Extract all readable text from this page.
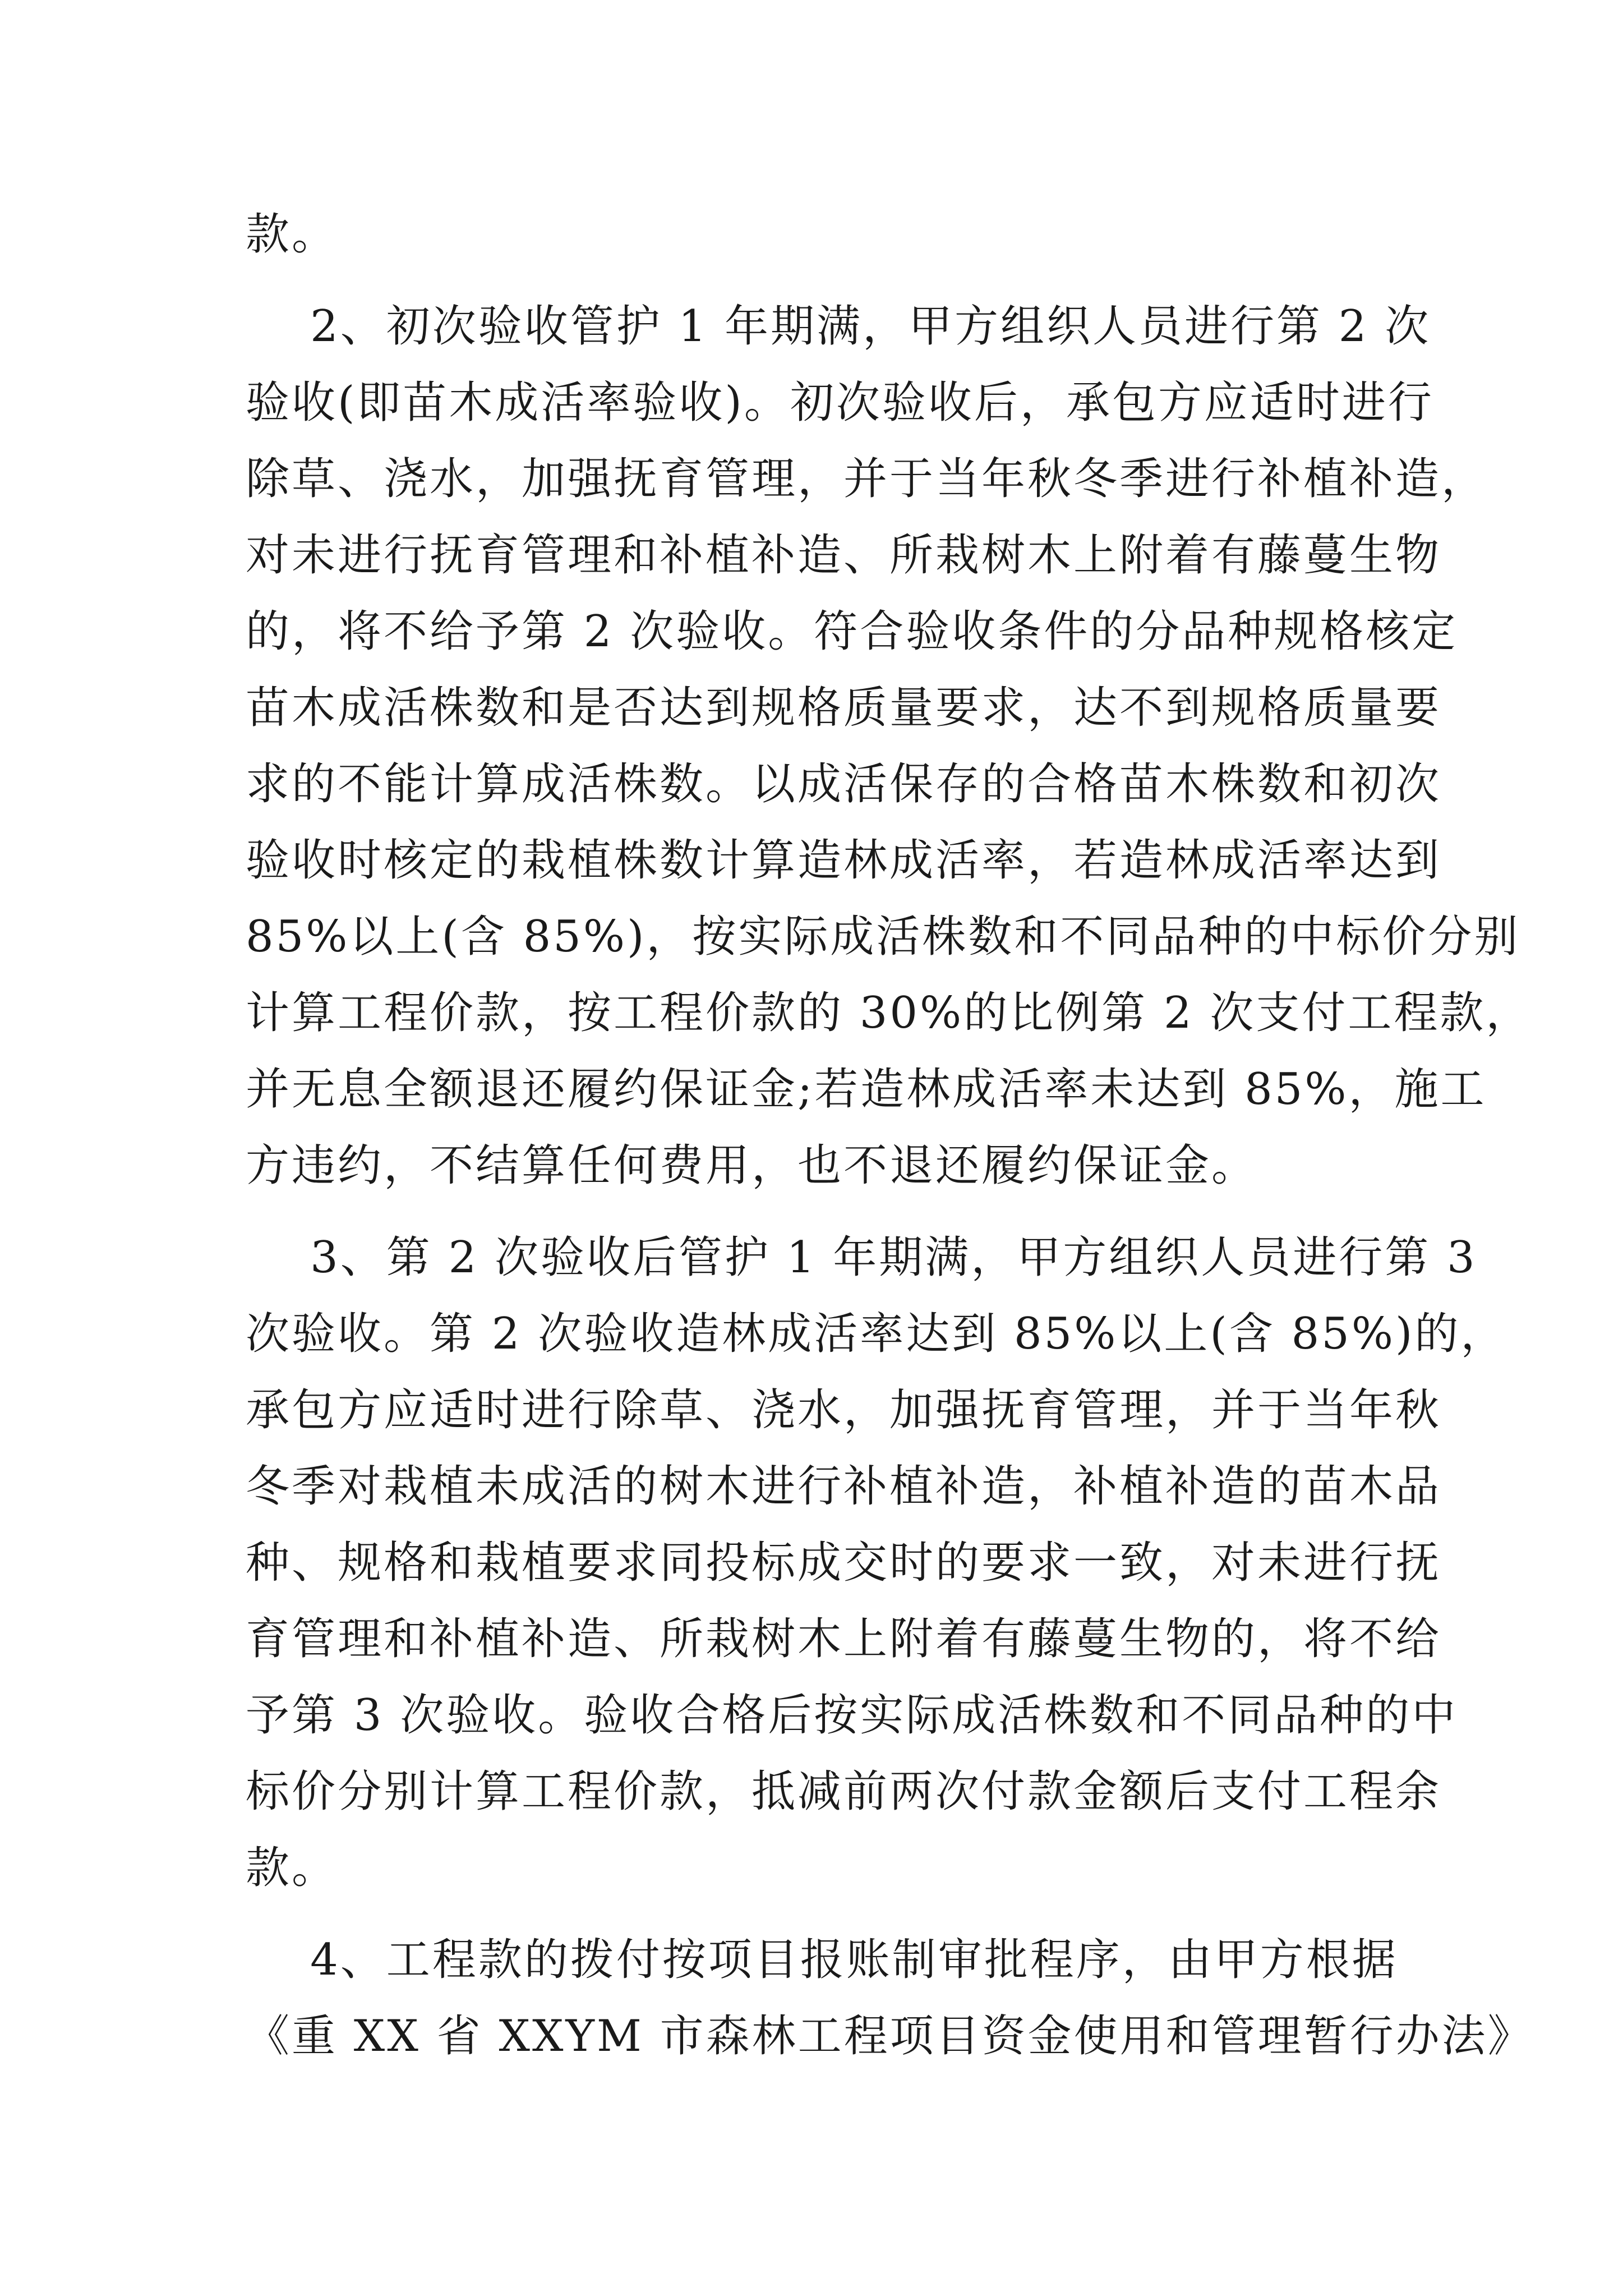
款。

2、初次验收管护 1 年期满，甲方组织人员进行第 2 次
验收(即苗木成活率验收)。初次验收后，承包方应适时进行
除草、浇水，加强抚育管理，并于当年秋冬季进行补植补造，
对未进行抚育管理和补植补造、所栽树木上附着有藤蔓生物
的，将不给予第 2 次验收。符合验收条件的分品种规格核定
苗木成活株数和是否达到规格质量要求，达不到规格质量要
求的不能计算成活株数。以成活保存的合格苗木株数和初次
验收时核定的栽植株数计算造林成活率，若造林成活率达到
85%以上(含 85%)，按实际成活株数和不同品种的中标价分别
计算工程价款，按工程价款的 30%的比例第 2 次支付工程款，
并无息全额退还履约保证金;若造林成活率未达到 85%，施工
方违约，不结算任何费用，也不退还履约保证金。

3、第 2 次验收后管护 1 年期满，甲方组织人员进行第 3
次验收。第 2 次验收造林成活率达到 85%以上(含 85%)的，
承包方应适时进行除草、浇水，加强抚育管理，并于当年秋
冬季对栽植未成活的树木进行补植补造，补植补造的苗木品
种、规格和栽植要求同投标成交时的要求一致，对未进行抚
育管理和补植补造、所栽树木上附着有藤蔓生物的，将不给
予第 3 次验收。验收合格后按实际成活株数和不同品种的中
标价分别计算工程价款，抵减前两次付款金额后支付工程余
款。

4、工程款的拨付按项目报账制审批程序，由甲方根据
《重 XX 省 XXYM 市森林工程项目资金使用和管理暂行办法》
